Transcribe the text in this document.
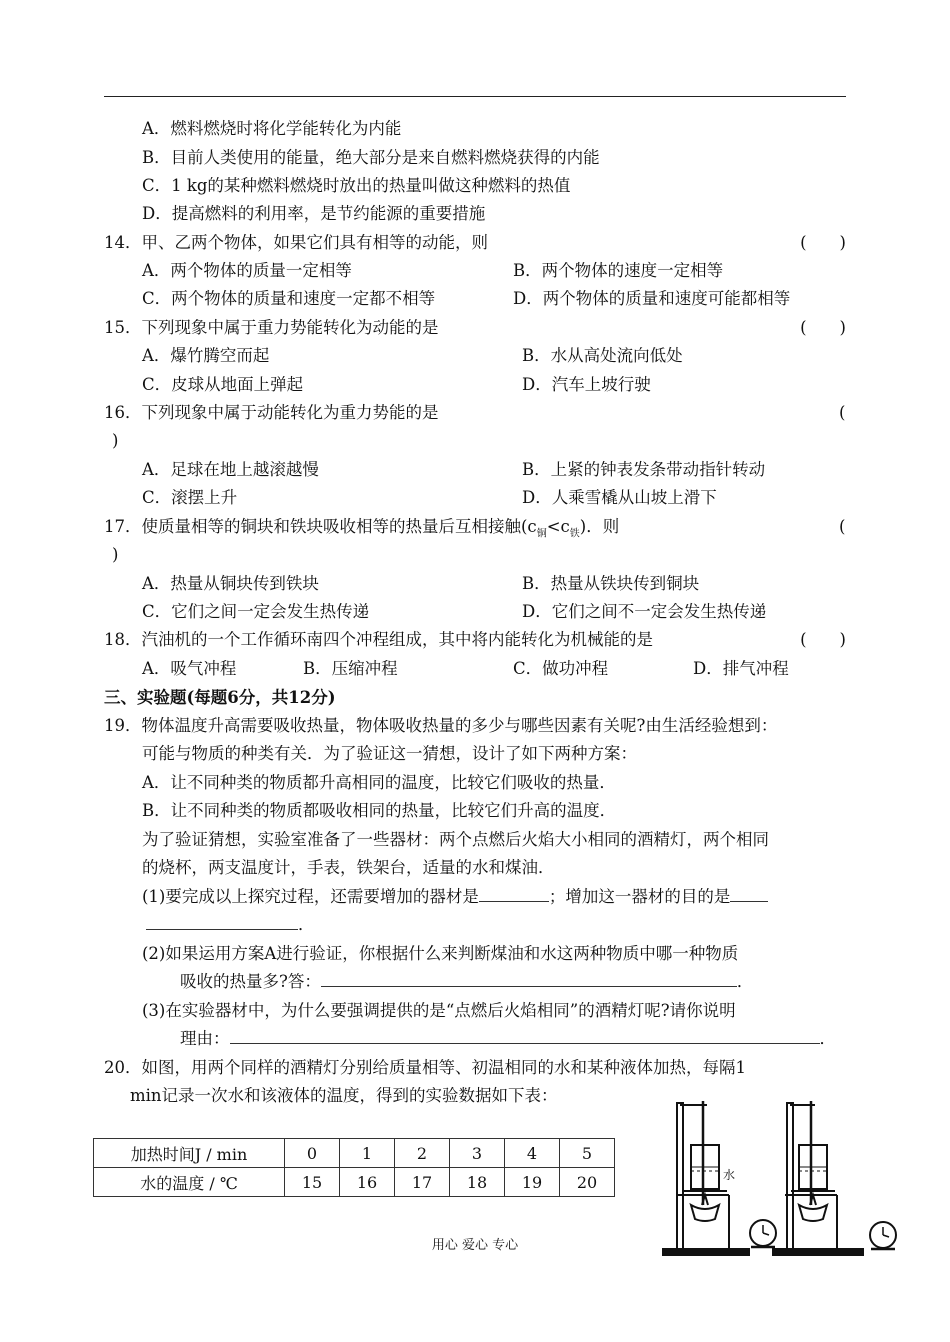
A．燃料燃烧时将化学能转化为内能
B．目前人类使用的能量，绝大部分是来自燃料燃烧获得的内能
C．1 kg的某种燃料燃烧时放出的热量叫做这种燃料的热值
D．提高燃料的利用率，是节约能源的重要措施
14．甲、乙两个物体，如果它们具有相等的动能，则	(　　)
A．两个物体的质量一定相等	B．两个物体的速度一定相等
C．两个物体的质量和速度一定都不相等	D．两个物体的质量和速度可能都相等
15．下列现象中属于重力势能转化为动能的是	(　　)
A．爆竹腾空而起	B．水从高处流向低处
C．皮球从地面上弹起	D．汽车上坡行驶
16．下列现象中属于动能转化为重力势能的是	(
)
A．足球在地上越滚越慢	B．上紧的钟表发条带动指针转动
C．滚摆上升	D．人乘雪橇从山坡上滑下
17．使质量相等的铜块和铁块吸收相等的热量后互相接触$(c_铜<c_铁)$．则	(
)
A．热量从铜块传到铁块	B．热量从铁块传到铜块
C．它们之间一定会发生热传递	D．它们之间不一定会发生热传递
18．汽油机的一个工作循环南四个冲程组成，其中将内能转化为机械能的是	(　　)
A．吸气冲程	B．压缩冲程	C．做功冲程	D．排气冲程
三、实验题(每题6分，共12分)
19．物体温度升高需要吸收热量，物体吸收热量的多少与哪些因素有关呢?由生活经验想到：
可能与物质的种类有关．为了验证这一猜想，设计了如下两种方案：
A．让不同种类的物质都升高相同的温度，比较它们吸收的热量．
B．让不同种类的物质都吸收相同的热量，比较它们升高的温度．
为了验证猜想，实验室准备了一些器材：两个点燃后火焰大小相同的酒精灯，两个相同
的烧杯，两支温度计，手表，铁架台，适量的水和煤油．
(1)要完成以上探究过程，还需要增加的器材是	；增加这一器材的目的是
．
(2)如果运用方案A进行验证，你根据什么来判断煤油和水这两种物质中哪一种物质
吸收的热量多?答：	．
(3)在实验器材中，为什么要强调提供的是“点燃后火焰相同”的酒精灯呢?请你说明
理由：	．
20．如图，用两个同样的酒精灯分别给质量相等、初温相同的水和某种液体加热，每隔1
min记录一次水和该液体的温度，得到的实验数据如下表：
加热时间J / min	0	1	2	3	4	5
水的温度 / ℃	15	16	17	18	19	20	水
用心 爱心 专心
